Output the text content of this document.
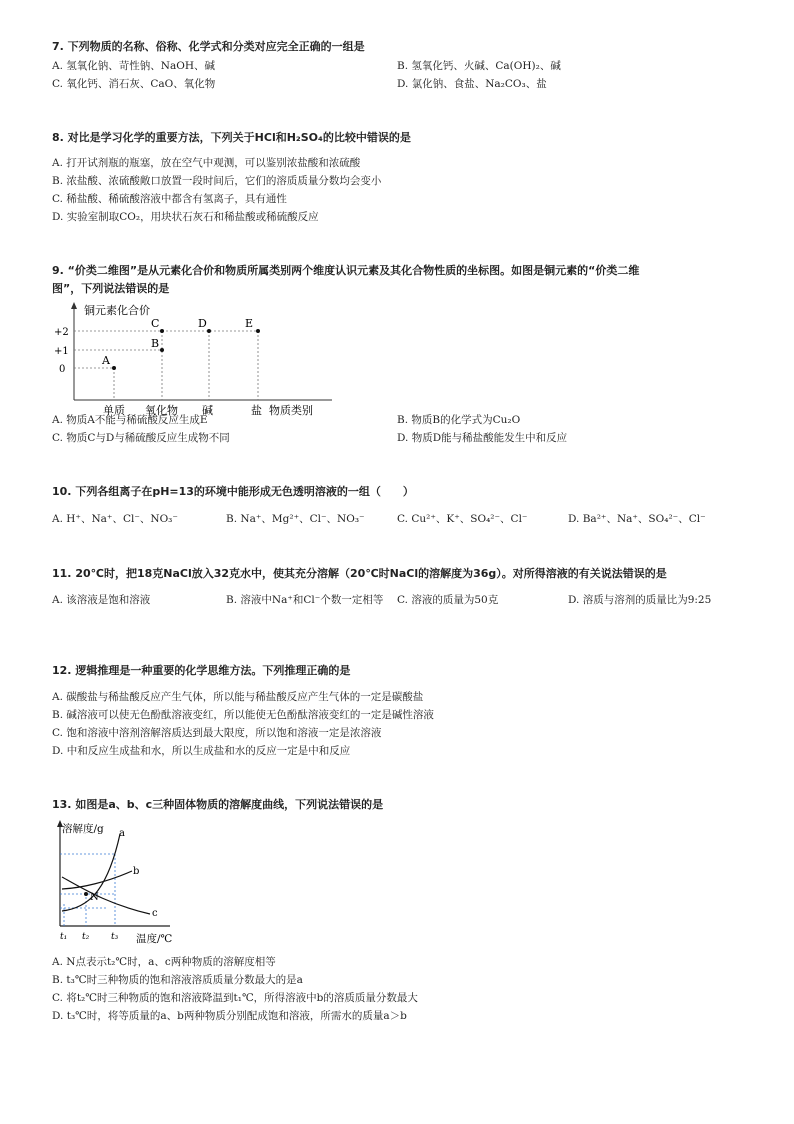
7. 下列物质的名称、俗称、化学式和分类对应完全正确的一组是
A. 氢氧化钠、苛性钠、NaOH、碱	B. 氢氧化钙、火碱、Ca(OH)₂、碱
C. 氧化钙、消石灰、CaO、氧化物	D. 氯化钠、食盐、Na₂CO₃、盐
8. 对比是学习化学的重要方法，下列关于HCl和H₂SO₄的比较中错误的是
A. 打开试剂瓶的瓶塞，放在空气中观测，可以鉴别浓盐酸和浓硫酸
B. 浓盐酸、浓硫酸敞口放置一段时间后，它们的溶质质量分数均会变小
C. 稀盐酸、稀硫酸溶液中都含有氢离子，具有通性
D. 实验室制取CO₂，用块状石灰石和稀盐酸或稀硫酸反应
9. “价类二维图”是从元素化合价和物质所属类别两个维度认识元素及其化合物性质的坐标图。如图是铜元素的“价类二维
图”，下列说法错误的是
铜元素化合价
+2
+1
0
单质 氧化物 碱	盐 物质类别
A
B
C	D	E
A. 物质A不能与稀硫酸反应生成E	B. 物质B的化学式为Cu₂O
C. 物质C与D与稀硫酸反应生成物不同	D. 物质D能与稀盐酸能发生中和反应
10. 下列各组离子在pH=13的环境中能形成无色透明溶液的一组（　　）
A. H⁺、Na⁺、Cl⁻、NO₃⁻	B. Na⁺、Mg²⁺、Cl⁻、NO₃⁻	C. Cu²⁺、K⁺、SO₄²⁻、Cl⁻	D. Ba²⁺、Na⁺、SO₄²⁻、Cl⁻
11. 20℃时，把18克NaCl放入32克水中，使其充分溶解（20℃时NaCl的溶解度为36g）。对所得溶液的有关说法错误的是
A. 该溶液是饱和溶液	B. 溶液中Na⁺和Cl⁻个数一定相等	C. 溶液的质量为50克	D. 溶质与溶剂的质量比为9:25
12. 逻辑推理是一种重要的化学思维方法。下列推理正确的是
A. 碳酸盐与稀盐酸反应产生气体，所以能与稀盐酸反应产生气体的一定是碳酸盐
B. 碱溶液可以使无色酚酞溶液变红，所以能使无色酚酞溶液变红的一定是碱性溶液
C. 饱和溶液中溶剂溶解溶质达到最大限度，所以饱和溶液一定是浓溶液
D. 中和反应生成盐和水，所以生成盐和水的反应一定是中和反应
13. 如图是a、b、c三种固体物质的溶解度曲线，下列说法错误的是
溶解度/g a
b
c
N
t₁ t₂ t₃ 温度/℃
A. N点表示t₂℃时，a、c两种物质的溶解度相等
B. t₃℃时三种物质的饱和溶液溶质质量分数最大的是a
C. 将t₂℃时三种物质的饱和溶液降温到t₁℃，所得溶液中b的溶质质量分数最大
D. t₃℃时，将等质量的a、b两种物质分别配成饱和溶液，所需水的质量a＞b
